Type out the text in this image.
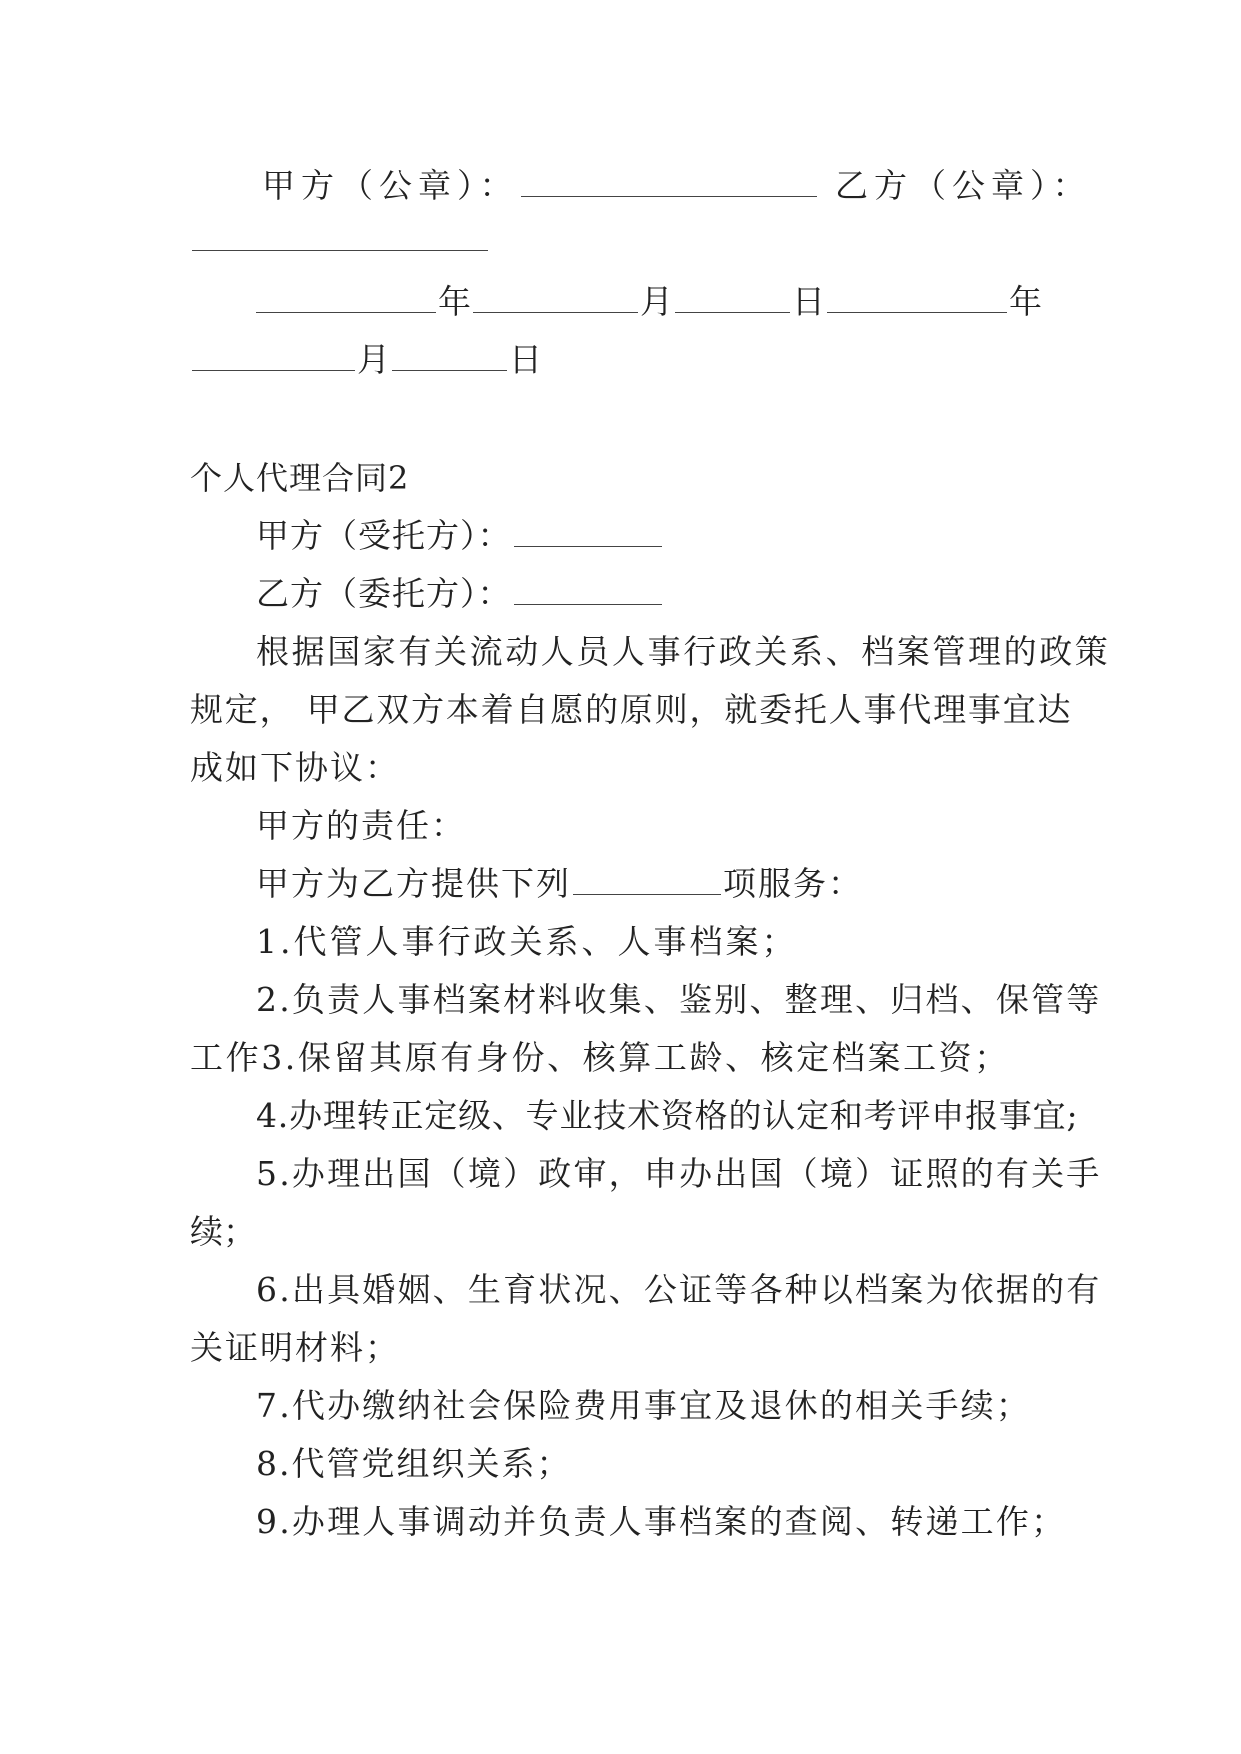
甲方（公章）：	乙方（公章）：
年	月	日	年
月	日
个人代理合同2
甲方（受托方）：
乙方（委托方）：
根据国家有关流动人员人事行政关系、档案管理的政策
规定， 甲乙双方本着自愿的原则，就委托人事代理事宜达
成如下协议：
甲方的责任：
甲方为乙方提供下列	项服务：
1.代管人事行政关系、人事档案；
2.负责人事档案材料收集、鉴别、整理、归档、保管等
工作3.保留其原有身份、核算工龄、核定档案工资；
4.办理转正定级、专业技术资格的认定和考评申报事宜;
5.办理出国（境）政审，申办出国（境）证照的有关手
续；
6.出具婚姻、生育状况、公证等各种以档案为依据的有
关证明材料；
7.代办缴纳社会保险费用事宜及退休的相关手续；
8.代管党组织关系；
9.办理人事调动并负责人事档案的查阅、转递工作；
